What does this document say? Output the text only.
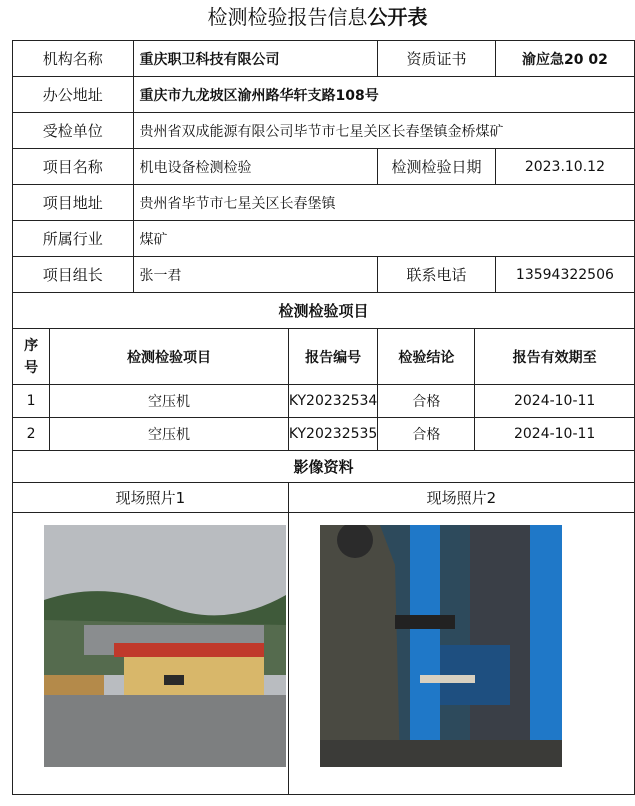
检测检验报告信息公开表
机构名称		重庆职卫科技有限公司		资质证书		渝应急20 02
办公地址		重庆市九龙坡区渝州路华轩支路108号				
受检单位		贵州省双成能源有限公司毕节市七星关区长春堡镇金桥煤矿				
项目名称		机电设备检测检验		检测检验日期		2023.10.12
项目地址		贵州省毕节市七星关区长春堡镇				
所属行业		煤矿				
项目组长		张一君		联系电话		13594322506
检测检验项目						
序号	检测检验项目		报告编号	检验结论	报告有效期至	
1	空压机		KY20232534	合格	2024-10-11	
2	空压机		KY20232535	合格	2024-10-11	
影像资料						
现场照片1			现场照片2			
